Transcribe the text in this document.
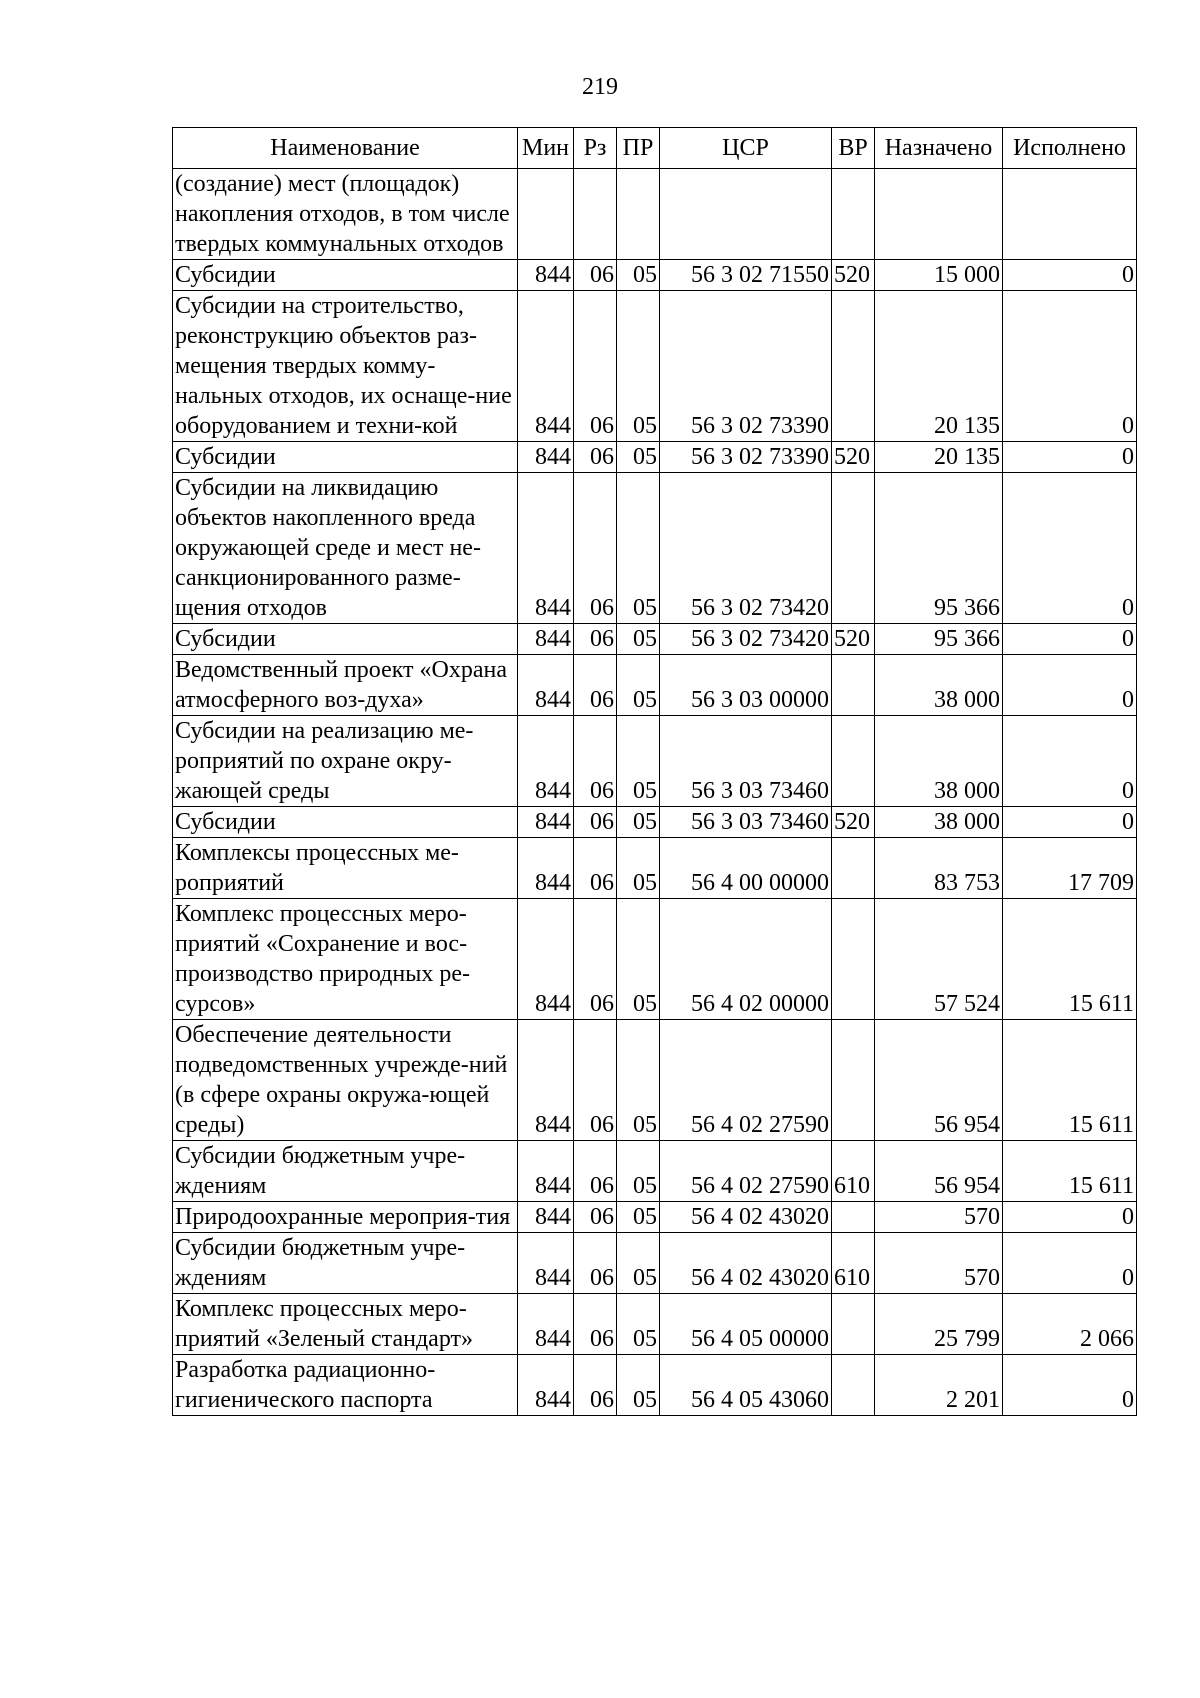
219
Наименование	Мин	Рз	ПР	ЦСР	ВР	Назначено	Исполнено
(создание) мест (площадок) накопления отходов, в том числе твердых коммунальных отходов							
Субсидии	844	06	05	56 3 02 71550	520	15 000	0
Субсидии на строительство, реконструкцию объектов раз-мещения твердых комму-нальных отходов, их оснаще-ние оборудованием и техни-кой	844	06	05	56 3 02 73390		20 135	0
Субсидии	844	06	05	56 3 02 73390	520	20 135	0
Субсидии на ликвидацию объектов накопленного вреда окружающей среде и мест не-санкционированного разме-щения отходов	844	06	05	56 3 02 73420		95 366	0
Субсидии	844	06	05	56 3 02 73420	520	95 366	0
Ведомственный проект «Охрана атмосферного воз-духа»	844	06	05	56 3 03 00000		38 000	0
Субсидии на реализацию ме-роприятий по охране окру-жающей среды	844	06	05	56 3 03 73460		38 000	0
Субсидии	844	06	05	56 3 03 73460	520	38 000	0
Комплексы процессных ме-роприятий	844	06	05	56 4 00 00000		83 753	17 709
Комплекс процессных меро-приятий «Сохранение и вос-производство природных ре-сурсов»	844	06	05	56 4 02 00000		57 524	15 611
Обеспечение деятельности подведомственных учрежде-ний (в сфере охраны окружа-ющей среды)	844	06	05	56 4 02 27590		56 954	15 611
Субсидии бюджетным учре-ждениям	844	06	05	56 4 02 27590	610	56 954	15 611
Природоохранные мероприя-тия	844	06	05	56 4 02 43020		570	0
Субсидии бюджетным учре-ждениям	844	06	05	56 4 02 43020	610	570	0
Комплекс процессных меро-приятий «Зеленый стандарт»	844	06	05	56 4 05 00000		25 799	2 066
Разработка радиационно-гигиенического паспорта	844	06	05	56 4 05 43060		2 201	0
